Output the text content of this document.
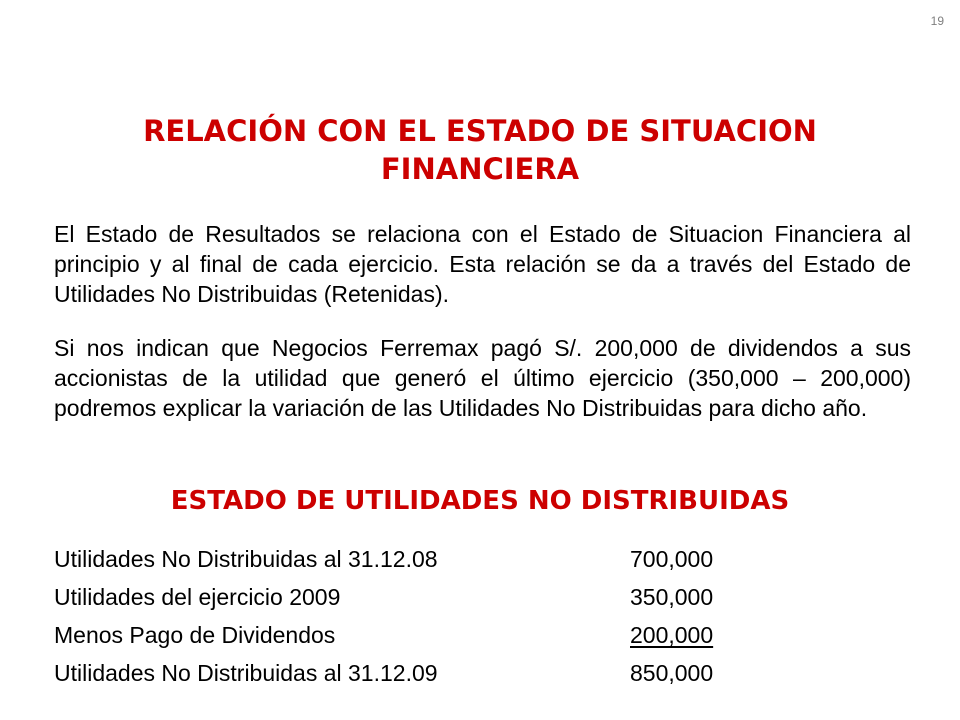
19
RELACIÓN CON EL ESTADO DE SITUACION FINANCIERA

El Estado de Resultados se relaciona con el Estado de Situacion Financiera al principio y al final de cada ejercicio. Esta relación se da a través del Estado de Utilidades No Distribuidas (Retenidas).

Si nos indican que Negocios Ferremax pagó S/. 200,000 de dividendos a sus accionistas de la utilidad que generó el último ejercicio (350,000 – 200,000) podremos explicar la variación de las Utilidades No Distribuidas para dicho año.

ESTADO DE UTILIDADES NO DISTRIBUIDAS
Utilidades No Distribuidas al 31.12.08	700,000
Utilidades del ejercicio 2009	350,000
Menos Pago de Dividendos	200,000
Utilidades No Distribuidas al 31.12.09	850,000
